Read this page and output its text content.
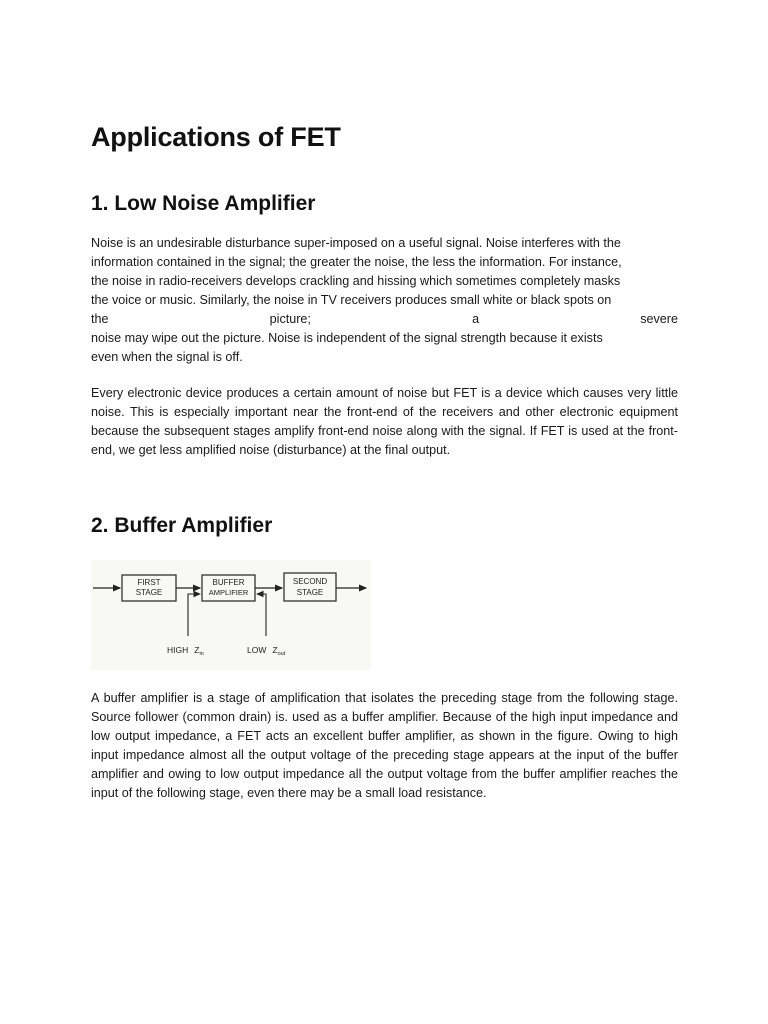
Applications of FET
1. Low Noise Amplifier

Noise is an undesirable disturbance super-imposed on a useful signal. Noise interferes with the
information contained in the signal; the greater the noise, the less the information. For instance,
the noise in radio-receivers develops crackling and hissing which sometimes completely masks
the voice or music. Similarly, the noise in TV receivers produces small white or black spots on
the picture; a severe
noise may wipe out the picture. Noise is independent of the signal strength because it exists
even when the signal is off.

Every electronic device produces a certain amount of noise but FET is a device which causes very little noise. This is especially important near the front-end of the receivers and other electronic equipment because the subsequent stages amplify front-end noise along with the signal. If FET is used at the front-end, we get less amplified noise (disturbance) at the final output.

2. Buffer Amplifier
FIRST
STAGE
BUFFER
AMPLIFIER
SECOND
STAGE
HIGH $Z_{in}$	LOW $Z_{out}$

A buffer amplifier is a stage of amplification that isolates the preceding stage from the following stage. Source follower (common drain) is. used as a buffer amplifier. Because of the high input impedance and low output impedance, a FET acts an excellent buffer amplifier, as shown in the figure. Owing to high input impedance almost all the output voltage of the preceding stage appears at the input of the buffer amplifier and owing to low output impedance all the output voltage from the buffer amplifier reaches the input of the following stage, even there may be a small load resistance.
